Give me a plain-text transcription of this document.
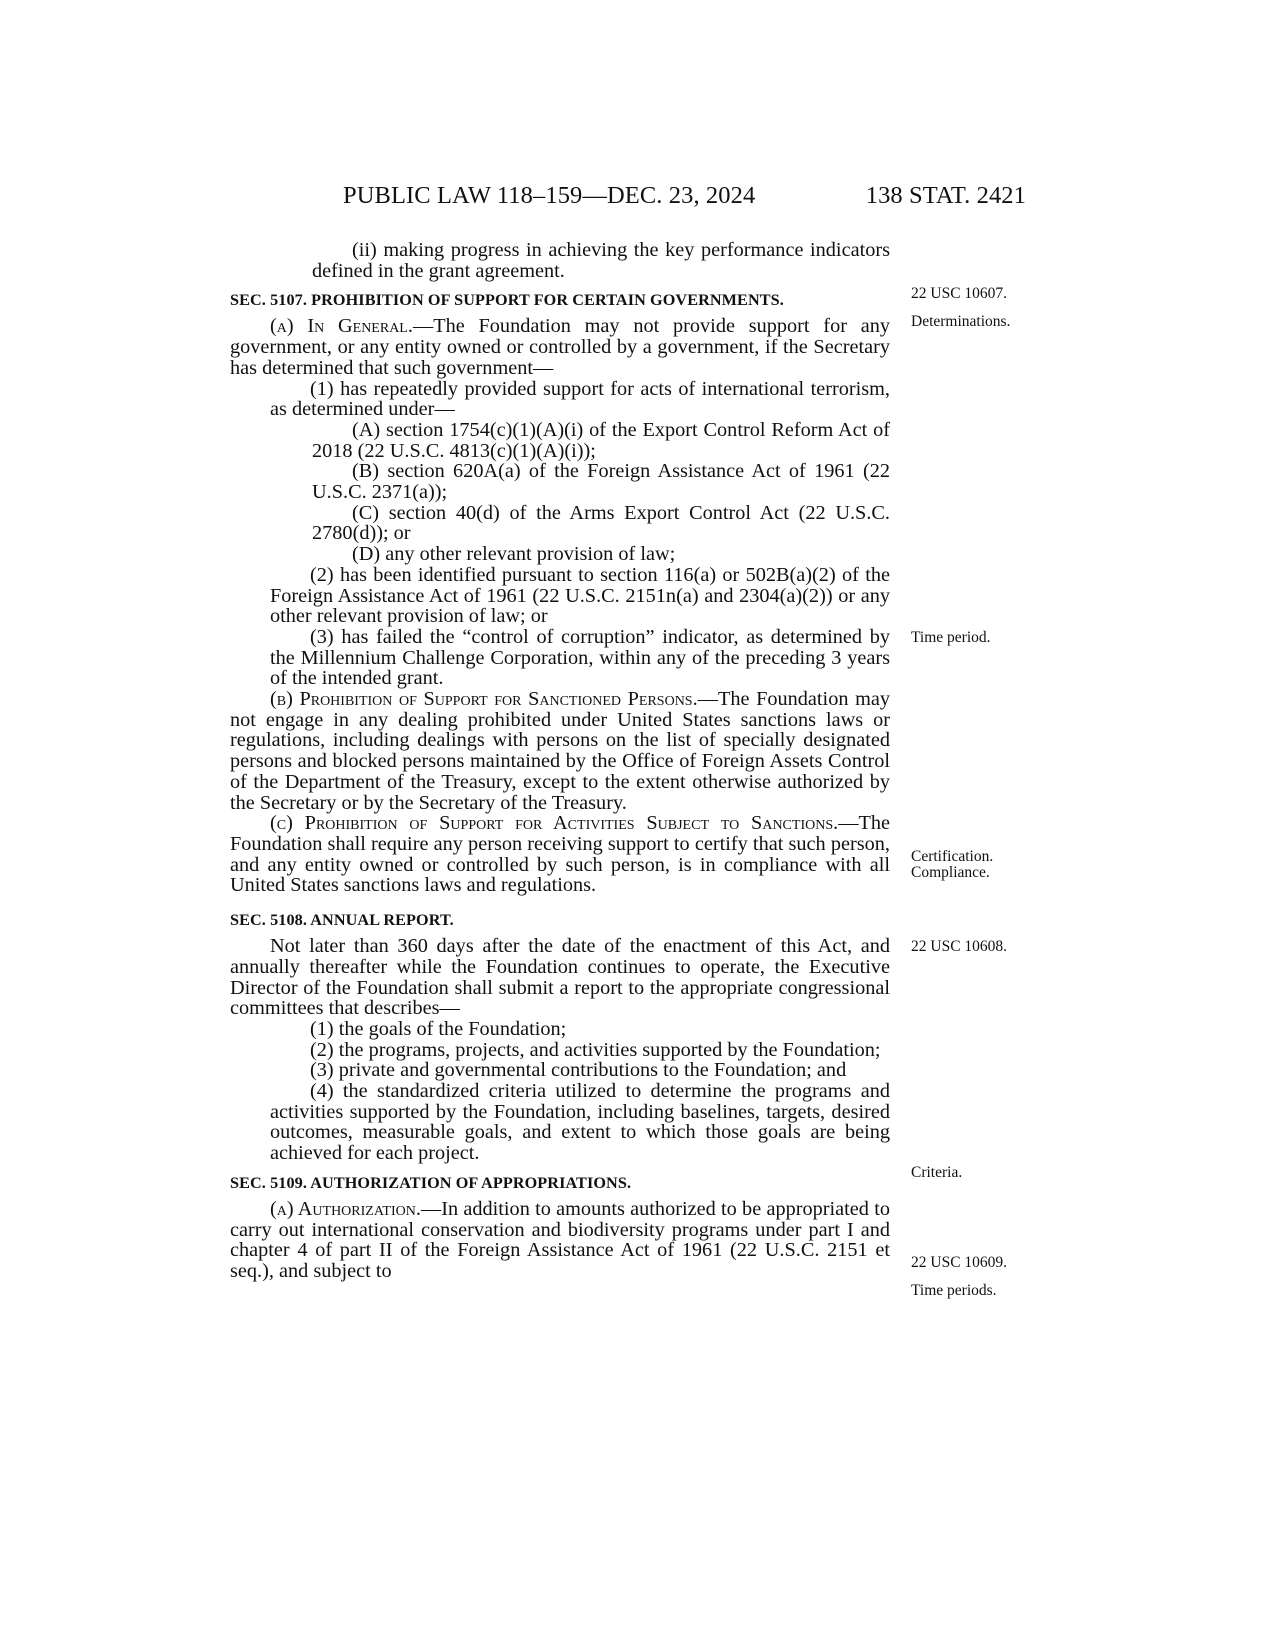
PUBLIC LAW 118–159—DEC. 23, 2024	138 STAT. 2421

(ii) making progress in achieving the key performance indicators defined in the grant agreement.

SEC. 5107. PROHIBITION OF SUPPORT FOR CERTAIN GOVERNMENTS.

(a) In General.—The Foundation may not provide support for any government, or any entity owned or controlled by a government, if the Secretary has determined that such government—

(1) has repeatedly provided support for acts of international terrorism, as determined under—

(A) section 1754(c)(1)(A)(i) of the Export Control Reform Act of 2018 (22 U.S.C. 4813(c)(1)(A)(i));

(B) section 620A(a) of the Foreign Assistance Act of 1961 (22 U.S.C. 2371(a));

(C) section 40(d) of the Arms Export Control Act (22 U.S.C. 2780(d)); or

(D) any other relevant provision of law;

(2) has been identified pursuant to section 116(a) or 502B(a)(2) of the Foreign Assistance Act of 1961 (22 U.S.C. 2151n(a) and 2304(a)(2)) or any other relevant provision of law; or

(3) has failed the “control of corruption” indicator, as determined by the Millennium Challenge Corporation, within any of the preceding 3 years of the intended grant.

(b) Prohibition of Support for Sanctioned Persons.—The Foundation may not engage in any dealing prohibited under United States sanctions laws or regulations, including dealings with persons on the list of specially designated persons and blocked persons maintained by the Office of Foreign Assets Control of the Department of the Treasury, except to the extent otherwise authorized by the Secretary or by the Secretary of the Treasury.

(c) Prohibition of Support for Activities Subject to Sanctions.—The Foundation shall require any person receiving support to certify that such person, and any entity owned or controlled by such person, is in compliance with all United States sanctions laws and regulations.

SEC. 5108. ANNUAL REPORT.

Not later than 360 days after the date of the enactment of this Act, and annually thereafter while the Foundation continues to operate, the Executive Director of the Foundation shall submit a report to the appropriate congressional committees that describes—

(1) the goals of the Foundation;

(2) the programs, projects, and activities supported by the Foundation;

(3) private and governmental contributions to the Foundation; and

(4) the standardized criteria utilized to determine the programs and activities supported by the Foundation, including baselines, targets, desired outcomes, measurable goals, and extent to which those goals are being achieved for each project.

SEC. 5109. AUTHORIZATION OF APPROPRIATIONS.

(a) Authorization.—In addition to amounts authorized to be appropriated to carry out international conservation and biodiversity programs under part I and chapter 4 of part II of the Foreign Assistance Act of 1961 (22 U.S.C. 2151 et seq.), and subject to

22 USC 10607.
Determinations.
Time period.
Certification.
Compliance.
22 USC 10608.
Criteria.
22 USC 10609.
Time periods.
